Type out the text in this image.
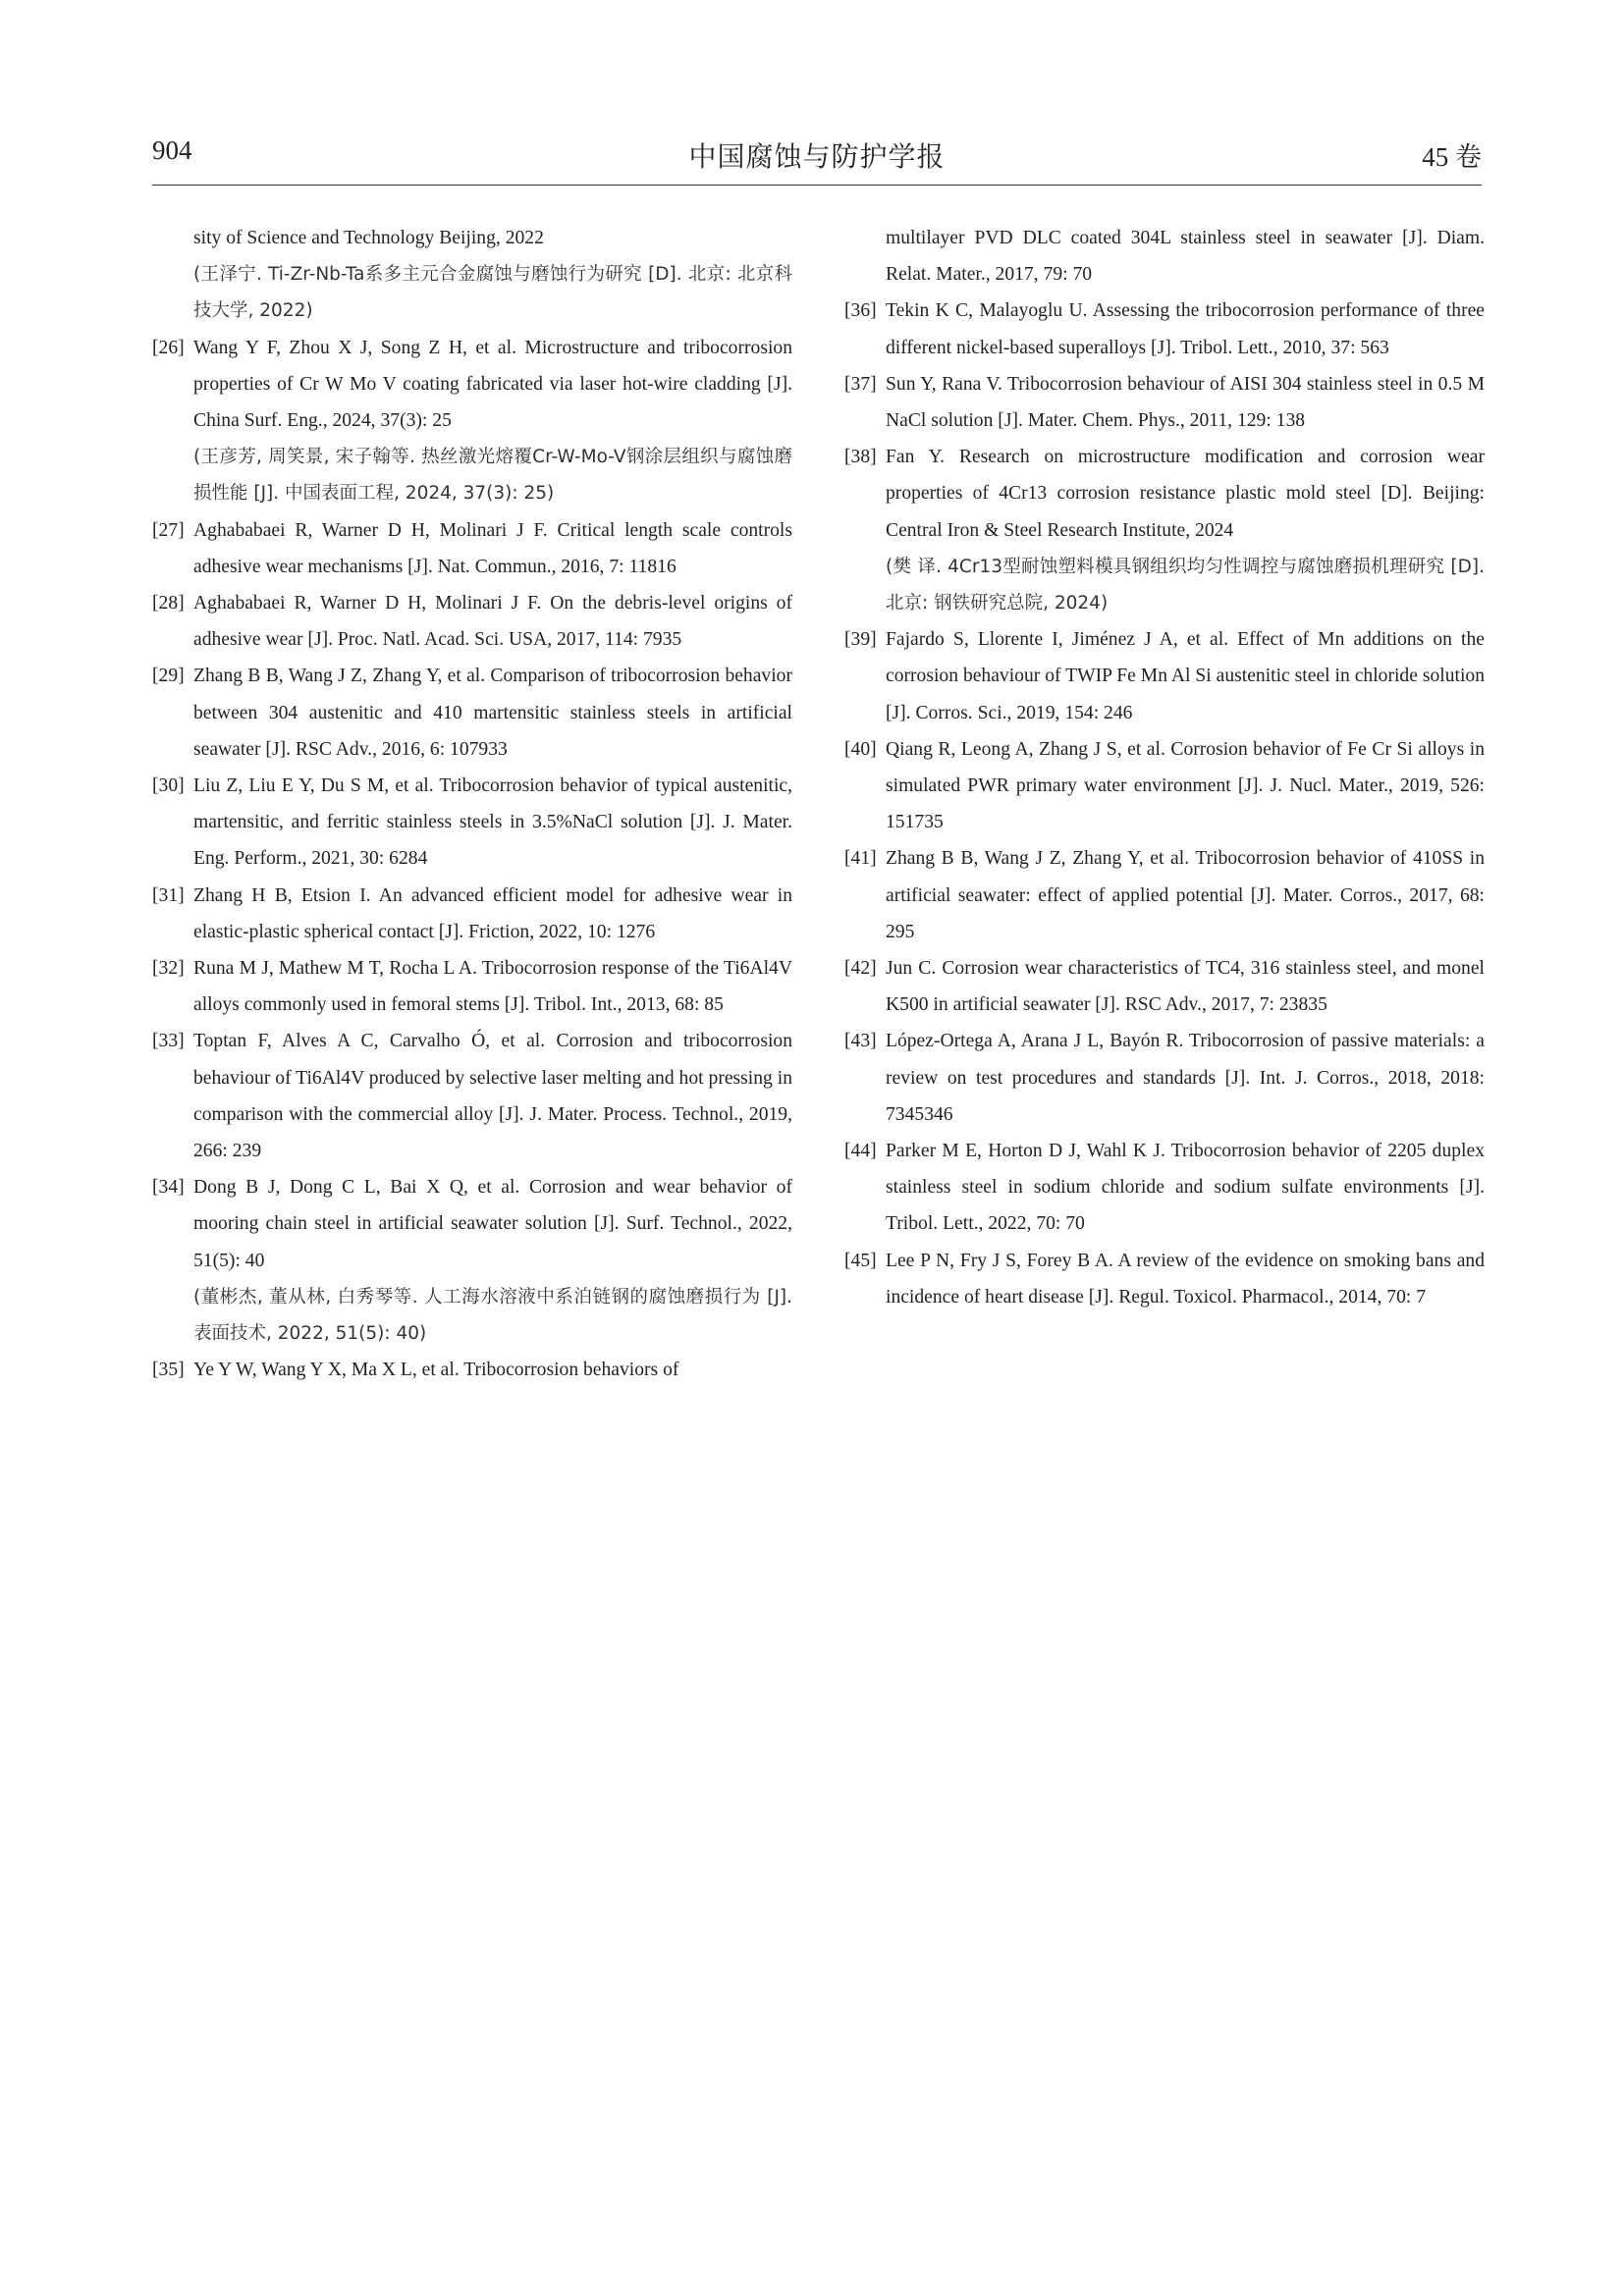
904	中国腐蚀与防护学报	45 卷
sity of Science and Technology Beijing, 2022
(王泽宁. Ti-Zr-Nb-Ta系多主元合金腐蚀与磨蚀行为研究 [D]. 北京: 北京科技大学, 2022)
[26] Wang Y F, Zhou X J, Song Z H, et al. Microstructure and tribocorrosion properties of Cr W Mo V coating fabricated via laser hot-wire cladding [J]. China Surf. Eng., 2024, 37(3): 25
(王彦芳, 周笑景, 宋子翰等. 热丝激光熔覆Cr-W-Mo-V钢涂层组织与腐蚀磨损性能 [J]. 中国表面工程, 2024, 37(3): 25)
[27] Aghababaei R, Warner D H, Molinari J F. Critical length scale controls adhesive wear mechanisms [J]. Nat. Commun., 2016, 7: 11816
[28] Aghababaei R, Warner D H, Molinari J F. On the debris-level origins of adhesive wear [J]. Proc. Natl. Acad. Sci. USA, 2017, 114: 7935
[29] Zhang B B, Wang J Z, Zhang Y, et al. Comparison of tribocorrosion behavior between 304 austenitic and 410 martensitic stainless steels in artificial seawater [J]. RSC Adv., 2016, 6: 107933
[30] Liu Z, Liu E Y, Du S M, et al. Tribocorrosion behavior of typical austenitic, martensitic, and ferritic stainless steels in 3.5%NaCl solution [J]. J. Mater. Eng. Perform., 2021, 30: 6284
[31] Zhang H B, Etsion I. An advanced efficient model for adhesive wear in elastic-plastic spherical contact [J]. Friction, 2022, 10: 1276
[32] Runa M J, Mathew M T, Rocha L A. Tribocorrosion response of the Ti6Al4V alloys commonly used in femoral stems [J]. Tribol. Int., 2013, 68: 85
[33] Toptan F, Alves A C, Carvalho Ó, et al. Corrosion and tribocorrosion behaviour of Ti6Al4V produced by selective laser melting and hot pressing in comparison with the commercial alloy [J]. J. Mater. Process. Technol., 2019, 266: 239
[34] Dong B J, Dong C L, Bai X Q, et al. Corrosion and wear behavior of mooring chain steel in artificial seawater solution [J]. Surf. Technol., 2022, 51(5): 40
(董彬杰, 董从林, 白秀琴等. 人工海水溶液中系泊链钢的腐蚀磨损行为 [J]. 表面技术, 2022, 51(5): 40)
[35] Ye Y W, Wang Y X, Ma X L, et al. Tribocorrosion behaviors of
multilayer PVD DLC coated 304L stainless steel in seawater [J]. Diam. Relat. Mater., 2017, 79: 70
[36] Tekin K C, Malayoglu U. Assessing the tribocorrosion performance of three different nickel-based superalloys [J]. Tribol. Lett., 2010, 37: 563
[37] Sun Y, Rana V. Tribocorrosion behaviour of AISI 304 stainless steel in 0.5 M NaCl solution [J]. Mater. Chem. Phys., 2011, 129: 138
[38] Fan Y. Research on microstructure modification and corrosion wear properties of 4Cr13 corrosion resistance plastic mold steel [D]. Beijing: Central Iron & Steel Research Institute, 2024
(樊 译. 4Cr13型耐蚀塑料模具钢组织均匀性调控与腐蚀磨损机理研究 [D]. 北京: 钢铁研究总院, 2024)
[39] Fajardo S, Llorente I, Jiménez J A, et al. Effect of Mn additions on the corrosion behaviour of TWIP Fe Mn Al Si austenitic steel in chloride solution [J]. Corros. Sci., 2019, 154: 246
[40] Qiang R, Leong A, Zhang J S, et al. Corrosion behavior of Fe Cr Si alloys in simulated PWR primary water environment [J]. J. Nucl. Mater., 2019, 526: 151735
[41] Zhang B B, Wang J Z, Zhang Y, et al. Tribocorrosion behavior of 410SS in artificial seawater: effect of applied potential [J]. Mater. Corros., 2017, 68: 295
[42] Jun C. Corrosion wear characteristics of TC4, 316 stainless steel, and monel K500 in artificial seawater [J]. RSC Adv., 2017, 7: 23835
[43] López-Ortega A, Arana J L, Bayón R. Tribocorrosion of passive materials: a review on test procedures and standards [J]. Int. J. Corros., 2018, 2018: 7345346
[44] Parker M E, Horton D J, Wahl K J. Tribocorrosion behavior of 2205 duplex stainless steel in sodium chloride and sodium sulfate environments [J]. Tribol. Lett., 2022, 70: 70
[45] Lee P N, Fry J S, Forey B A. A review of the evidence on smoking bans and incidence of heart disease [J]. Regul. Toxicol. Pharmacol., 2014, 70: 7
